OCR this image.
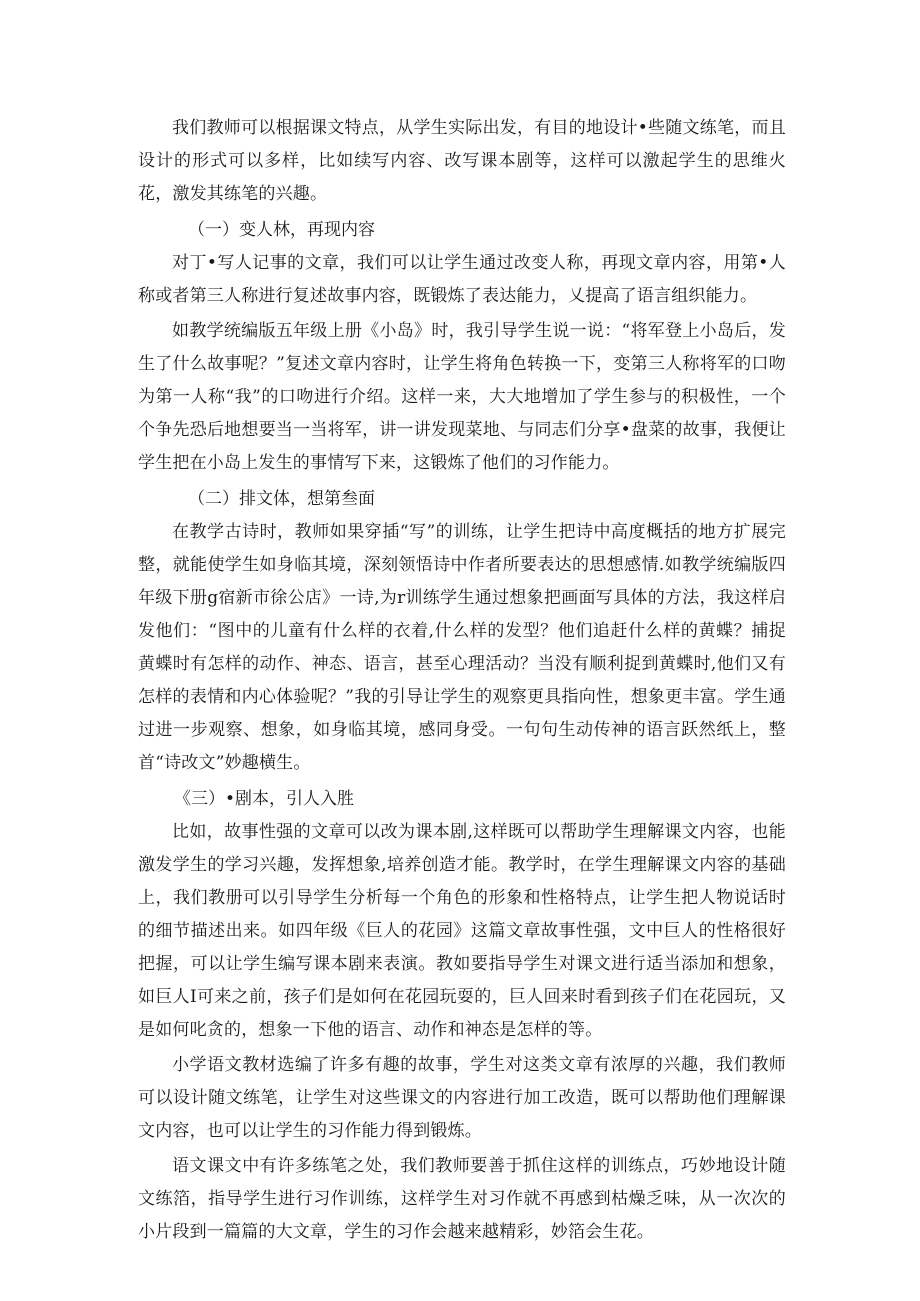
我们教师可以根据课文特点，从学生实际出发，有目的地设计•些随文练笔，而且设计的形式可以多样，比如续写内容、改写课本剧等，这样可以激起学生的思维火花，激发其练笔的兴趣。

（一）变人林，再现内容

对丁•写人记事的文章，我们可以让学生通过改变人称，再现文章内容，用第•人称或者第三人称进行复述故事内容，既锻炼了表达能力，乂提高了语言组织能力。

如教学统编版五年级上册《小岛》时，我引导学生说一说：“将军登上小岛后，发生了什么故事呢？”复述文章内容时，让学生将角色转换一下，变第三人称将军的口吻为第一人称“我”的口吻进行介绍。这样一来，大大地增加了学生参与的积极性，一个个争先恐后地想要当一当将军，讲一讲发现菜地、与同志们分享•盘菜的故事，我便让学生把在小岛上发生的事情写下来，这锻炼了他们的习作能力。

（二）排文体，想第叁面

在教学古诗时，教师如果穿插“写”的训练，让学生把诗中高度概括的地方扩展完整，就能使学生如身临其境，深刻领悟诗中作者所要表达的思想感情.如教学统编版四年级下册g宿新市徐公店》一诗,为r训练学生通过想象把画面写具体的方法，我这样启发他们：“图中的儿童有什么样的衣着,什么样的发型？他们追赶什么样的黄蝶？捕捉黄蝶时有怎样的动作、神态、语言，甚至心理活动？当没有顺利捉到黄蝶时,他们又有怎样的表情和内心体验呢？”我的引导让学生的观察更具指向性，想象更丰富。学生通过进一步观察、想象，如身临其境，感同身受。一句句生动传神的语言跃然纸上，整首“诗改文”妙趣横生。

《三）•剧本，引人入胜

比如，故事性强的文章可以改为课本剧,这样既可以帮助学生理解课文内容，也能激发学生的学习兴趣，发挥想象,培养创造才能。教学时，在学生理解课文内容的基础上，我们教册可以引导学生分析每一个角色的形象和性格特点，让学生把人物说话时的细节描述出来。如四年级《巨人的花园》这篇文章故事性强，文中巨人的性格很好把握，可以让学生编写课本剧来表演。教如要指导学生对课文进行适当添加和想象，如巨人I可来之前，孩子们是如何在花园玩耍的，巨人回来时看到孩子们在花园玩，又是如何叱贪的，想象一下他的语言、动作和神态是怎样的等。

小学语文教材选编了许多有趣的故事，学生对这类文章有浓厚的兴趣，我们教师可以设计随文练笔，让学生对这些课文的内容进行加工改造，既可以帮助他们理解课文内容，也可以让学生的习作能力得到锻炼。

语文课文中有许多练笔之处，我们教师要善于抓住这样的训练点，巧妙地设计随文练箔，指导学生进行习作训练，这样学生对习作就不再感到枯燥乏味，从一次次的小片段到一篇篇的大文章，学生的习作会越来越精彩，妙箔会生花。
